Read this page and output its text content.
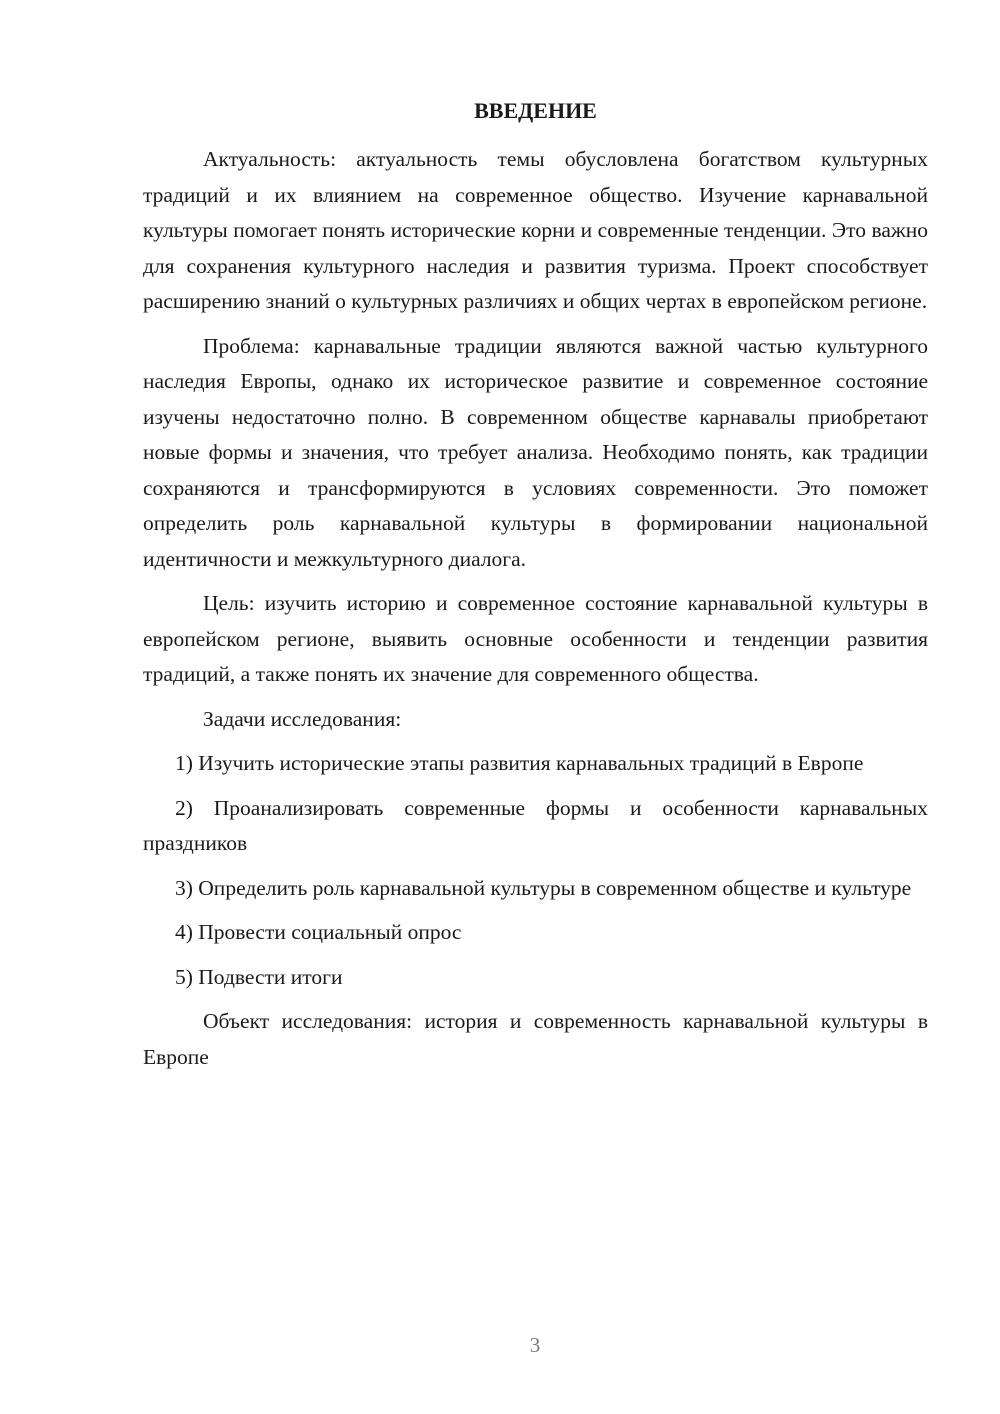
ВВЕДЕНИЕ

Актуальность: актуальность темы обусловлена богатством культурных традиций и их влиянием на современное общество. Изучение карнавальной культуры помогает понять исторические корни и современные тенденции. Это важно для сохранения культурного наследия и развития туризма. Проект способствует расширению знаний о культурных различиях и общих чертах в европейском регионе.

Проблема: карнавальные традиции являются важной частью культурного наследия Европы, однако их историческое развитие и современное состояние изучены недостаточно полно. В современном обществе карнавалы приобретают новые формы и значения, что требует анализа. Необходимо понять, как традиции сохраняются и трансформируются в условиях современности. Это поможет определить роль карнавальной культуры в формировании национальной идентичности и межкультурного диалога.

Цель: изучить историю и современное состояние карнавальной культуры в европейском регионе, выявить основные особенности и тенденции развития традиций, а также понять их значение для современного общества.

Задачи исследования:

1) Изучить исторические этапы развития карнавальных традиций в Европе
2) Проанализировать современные формы и особенности карнавальных праздников
3) Определить роль карнавальной культуры в современном обществе и культуре
4) Провести социальный опрос
5) Подвести итоги

Объект исследования: история и современность карнавальной культуры в Европе

3
